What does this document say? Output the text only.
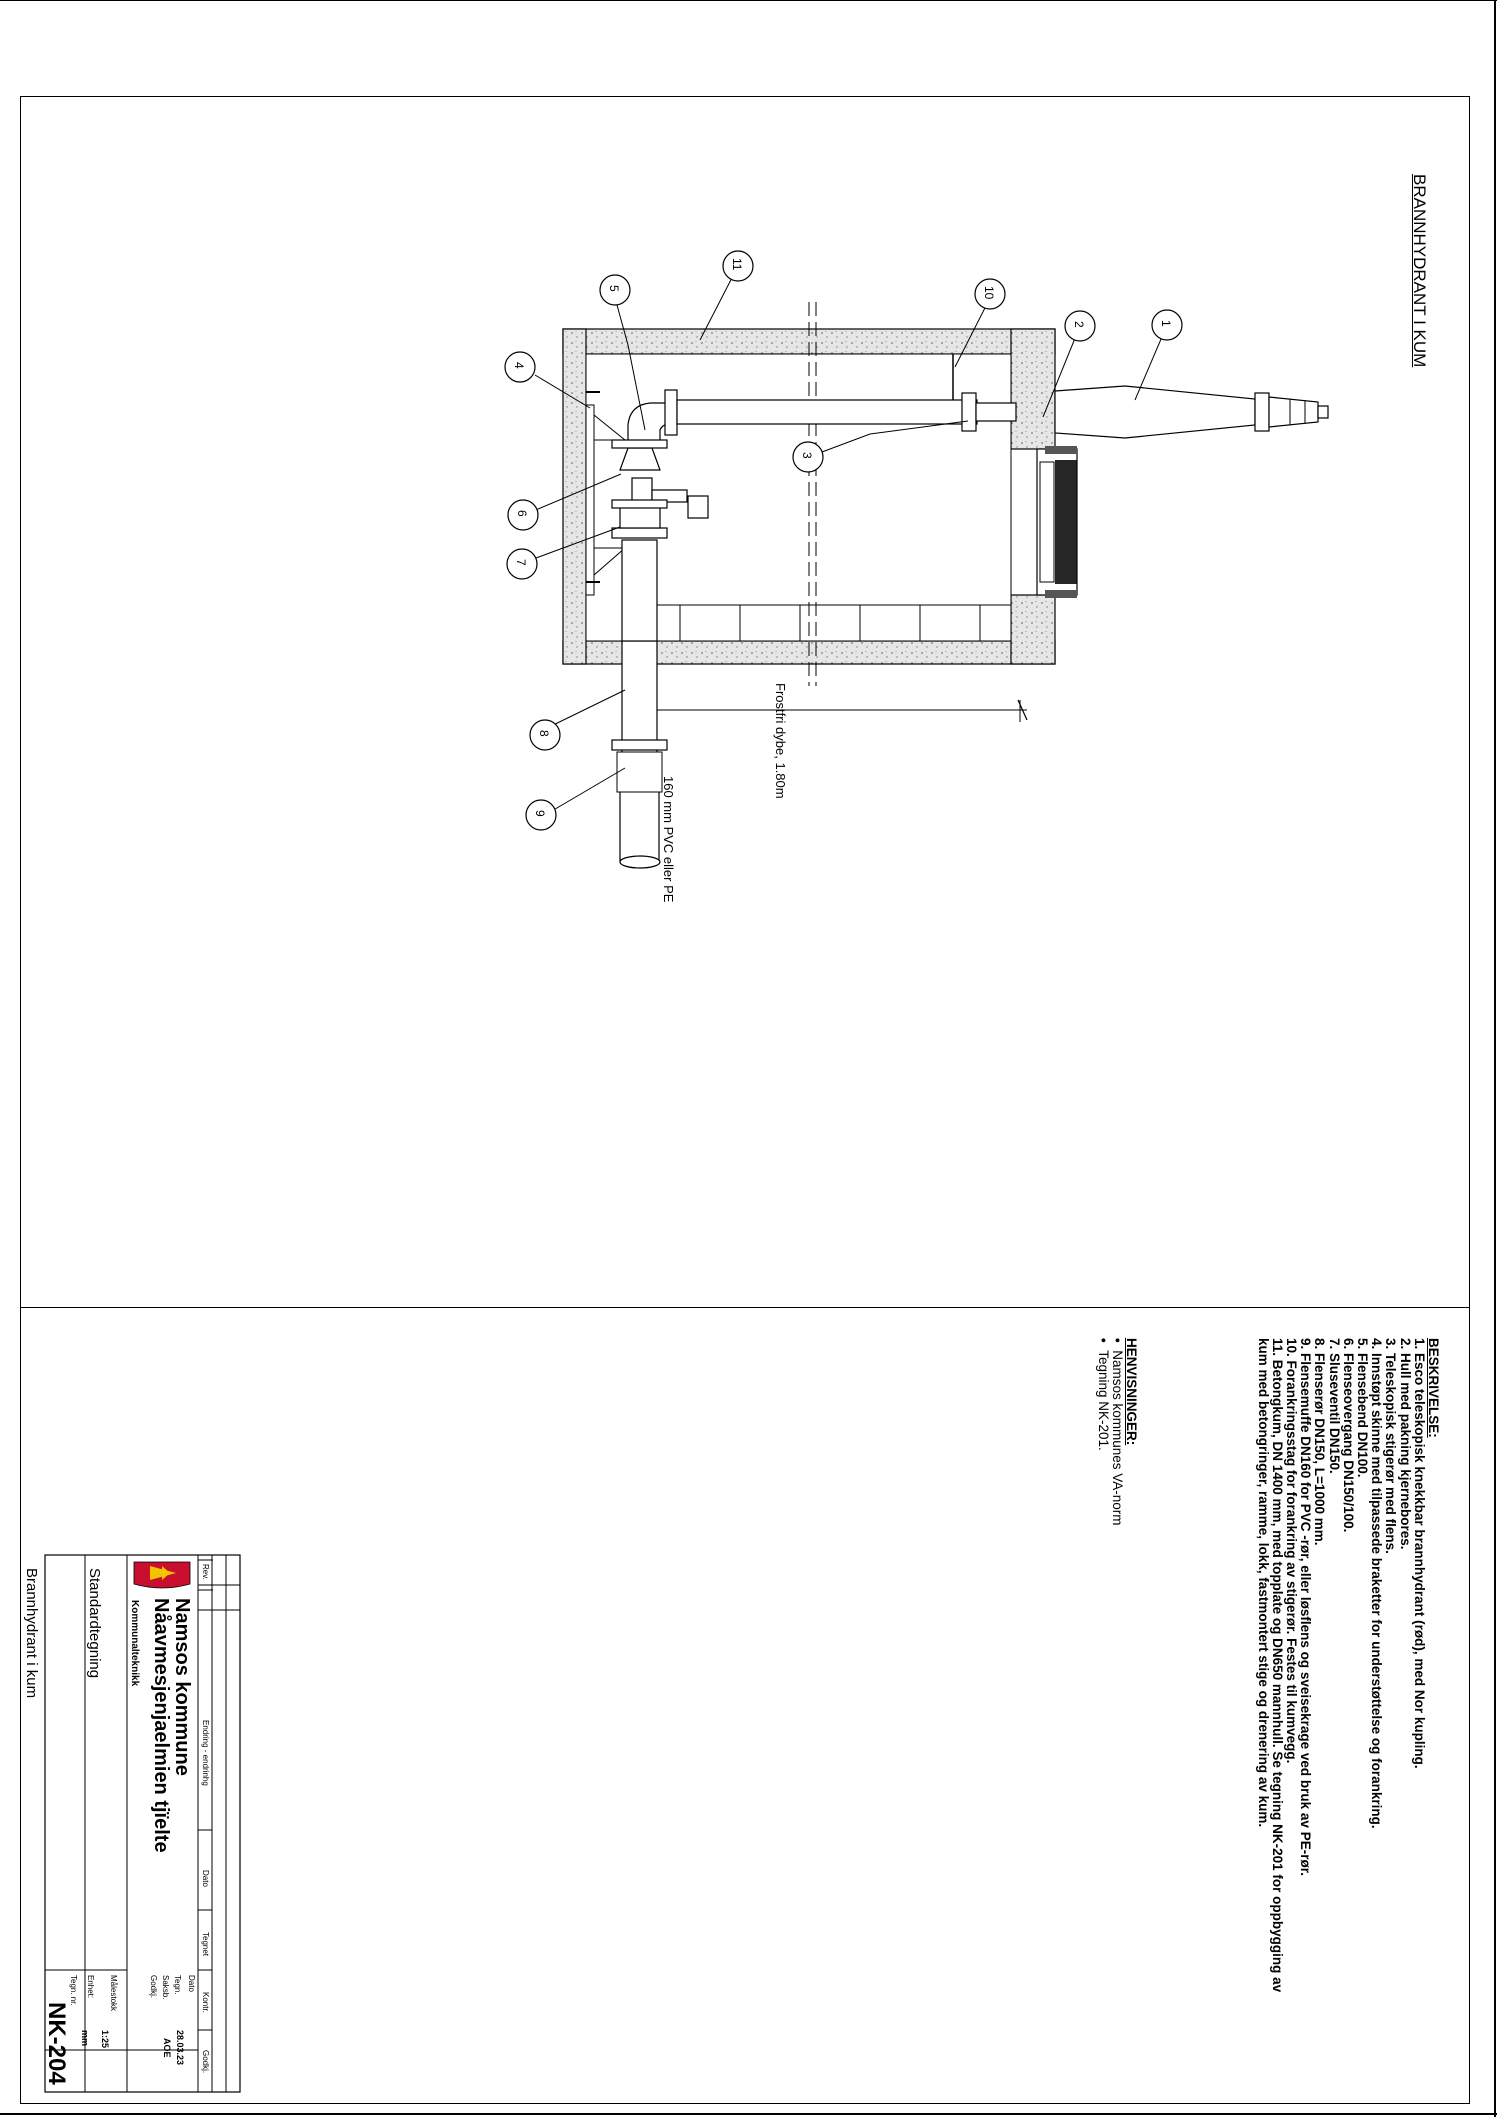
BRANNHYDRANT I KUM
Frostfri dybe, 1.80m
160 mm PVC eller PE
1
2
3
4
5
6
7
8
9
10
11
BESKRIVELSE:
1. Esco teleskopisk knekkbar brannhydrant (rød), med Nor kupling.
2. Hull med pakning kjernebores.
3. Teleskopisk stigerør med flens.
4. Innstøpt skinne med tilpassede braketter for understøttelse og forankring.
5. Flensebend DN100.
6. Flenseovergang DN150/100.
7. Sluseventil DN150.
8. Flenserør DN150, L=1000 mm.
9. Flensemuffe DN160 for PVC -rør, eller løsflens og sveisekrage ved bruk av PE-rør.
10. Forankringsstag for forankring av stigerør. Festes til kumvegg.
11. Betongkum, DN 1400 mm, med topplate og DN650 mannhull. Se tegning NK-201 for oppbygging av
kum med betongringer, ramme, lokk, fastmontert stige og drenering av kum.
HENVISNINGER:
•  Namsos kommunes VA-norm
•  Tegning NK-201.
Rev.
Endring - endrinhg
Dato
Tegnet
Kontr.
Godkj.
Namsos kommune
Nåavmesjenjaelmien tjïelte
Kommunalteknikk
Standardtegning
Brannhydrant i kum
Dato
28.03.23
Tegn.
AOE
Saksb.
Godkj.
Målestokk
1:25
Enhet:
mm
Tegn. nr.
NK-204
